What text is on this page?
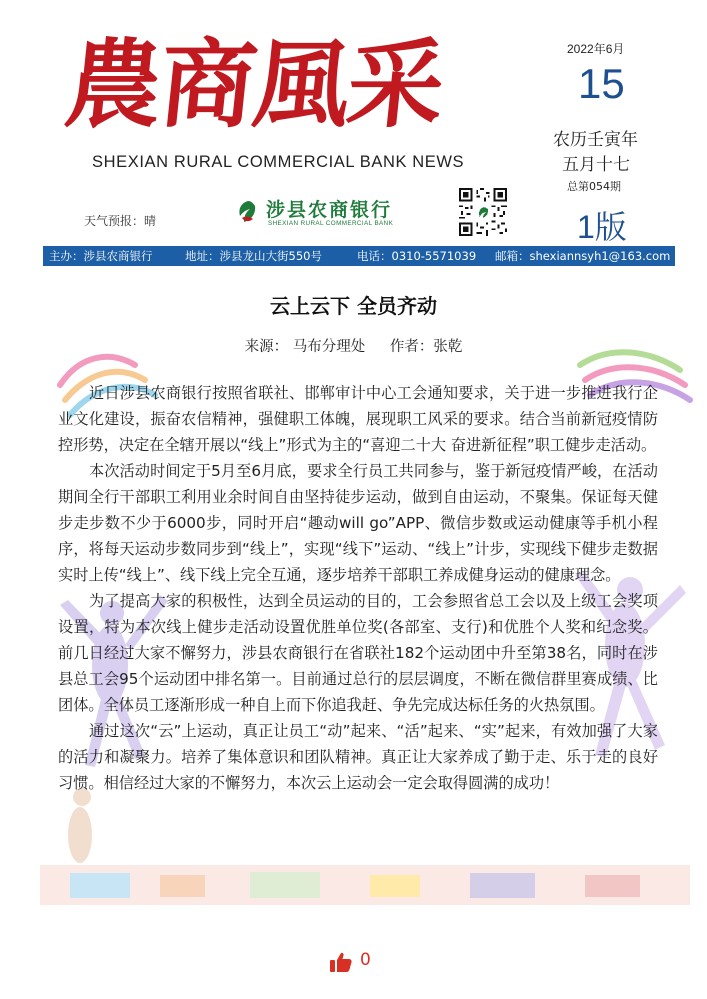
農商風采
SHEXIAN RURAL COMMERCIAL BANK NEWS
天气预报：晴	涉县农商银行
SHEXIAN RURAL COMMERCIAL BANK
2022年6月
15
农历壬寅年
五月十七
总第054期
1版
主办：涉县农商银行	地址：涉县龙山大街550号	电话：0310-5571039 邮箱：shexiannsyh1@163.com
云上云下 全员齐动
来源： 马布分理处 作者：张乾

近日涉县农商银行按照省联社、邯郸审计中心工会通知要求，关于进一步推进我行企业文化建设，振奋农信精神，强健职工体魄，展现职工风采的要求。结合当前新冠疫情防控形势，决定在全辖开展以“线上”形式为主的“喜迎二十大 奋进新征程”职工健步走活动。

本次活动时间定于5月至6月底，要求全行员工共同参与，鉴于新冠疫情严峻，在活动期间全行干部职工利用业余时间自由坚持徒步运动，做到自由运动，不聚集。保证每天健步走步数不少于6000步，同时开启“趣动will go”APP、微信步数或运动健康等手机小程序，将每天运动步数同步到“线上”，实现“线下”运动、“线上”计步，实现线下健步走数据实时上传“线上”、线下线上完全互通，逐步培养干部职工养成健身运动的健康理念。

为了提高大家的积极性，达到全员运动的目的，工会参照省总工会以及上级工会奖项设置，特为本次线上健步走活动设置优胜单位奖(各部室、支行)和优胜个人奖和纪念奖。前几日经过大家不懈努力，涉县农商银行在省联社182个运动团中升至第38名，同时在涉县总工会95个运动团中排名第一。目前通过总行的层层调度，不断在微信群里赛成绩、比团体。全体员工逐渐形成一种自上而下你追我赶、争先完成达标任务的火热氛围。

通过这次“云”上运动，真正让员工“动”起来、“活”起来、“实”起来，有效加强了大家的活力和凝聚力。培养了集体意识和团队精神。真正让大家养成了勤于走、乐于走的良好习惯。相信经过大家的不懈努力，本次云上运动会一定会取得圆满的成功！

0
